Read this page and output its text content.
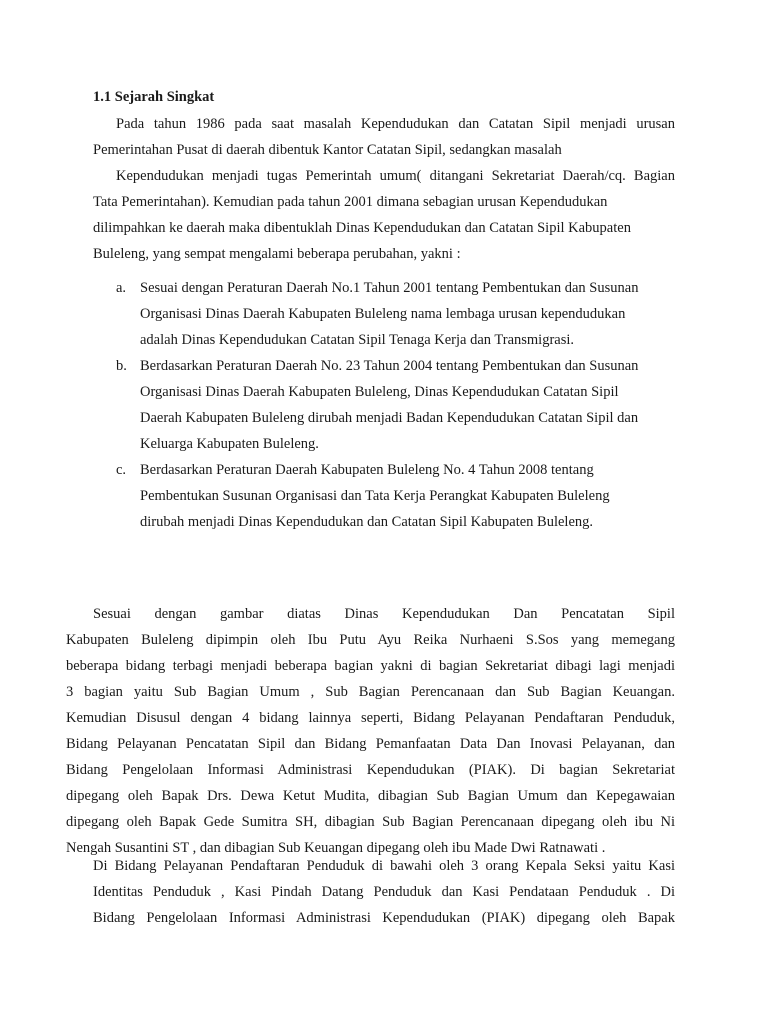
1.1 Sejarah Singkat
Pada tahun 1986 pada saat masalah Kependudukan dan Catatan Sipil menjadi urusan
Pemerintahan Pusat di daerah dibentuk Kantor Catatan Sipil, sedangkan masalah
Kependudukan menjadi tugas Pemerintah umum( ditangani Sekretariat Daerah/cq. Bagian
Tata Pemerintahan). Kemudian pada tahun 2001 dimana sebagian urusan Kependudukan
dilimpahkan ke daerah maka dibentuklah Dinas Kependudukan dan Catatan Sipil Kabupaten
Buleleng, yang sempat mengalami beberapa perubahan, yakni :
a. Sesuai dengan Peraturan Daerah No.1 Tahun 2001 tentang Pembentukan dan Susunan
Organisasi Dinas Daerah Kabupaten Buleleng nama lembaga urusan kependudukan
adalah Dinas Kependudukan Catatan Sipil Tenaga Kerja dan Transmigrasi.
b. Berdasarkan Peraturan Daerah No. 23 Tahun 2004 tentang Pembentukan dan Susunan
Organisasi Dinas Daerah Kabupaten Buleleng, Dinas Kependudukan Catatan Sipil
Daerah Kabupaten Buleleng dirubah menjadi Badan Kependudukan Catatan Sipil dan
Keluarga Kabupaten Buleleng.
c. Berdasarkan Peraturan Daerah Kabupaten Buleleng No. 4 Tahun 2008 tentang
Pembentukan Susunan Organisasi dan Tata Kerja Perangkat Kabupaten Buleleng
dirubah menjadi Dinas Kependudukan dan Catatan Sipil Kabupaten Buleleng.
Sesuai dengan gambar diatas Dinas Kependudukan Dan Pencatatan Sipil
Kabupaten Buleleng dipimpin oleh Ibu Putu Ayu Reika Nurhaeni S.Sos yang memegang
beberapa bidang terbagi menjadi beberapa bagian yakni di bagian Sekretariat dibagi lagi menjadi
3 bagian yaitu Sub Bagian Umum , Sub Bagian Perencanaan dan Sub Bagian Keuangan.
Kemudian Disusul dengan 4 bidang lainnya seperti, Bidang Pelayanan Pendaftaran Penduduk,
Bidang Pelayanan Pencatatan Sipil dan Bidang Pemanfaatan Data Dan Inovasi Pelayanan, dan
Bidang Pengelolaan Informasi Administrasi Kependudukan (PIAK). Di bagian Sekretariat
dipegang oleh Bapak Drs. Dewa Ketut Mudita, dibagian Sub Bagian Umum dan Kepegawaian
dipegang oleh Bapak Gede Sumitra SH, dibagian Sub Bagian Perencanaan dipegang oleh ibu Ni
Nengah Susantini ST , dan dibagian Sub Keuangan dipegang oleh ibu Made Dwi Ratnawati .
Di Bidang Pelayanan Pendaftaran Penduduk di bawahi oleh 3 orang Kepala Seksi yaitu Kasi
Identitas Penduduk , Kasi Pindah Datang Penduduk dan Kasi Pendataan Penduduk . Di
Bidang Pengelolaan Informasi Administrasi Kependudukan (PIAK) dipegang oleh Bapak
